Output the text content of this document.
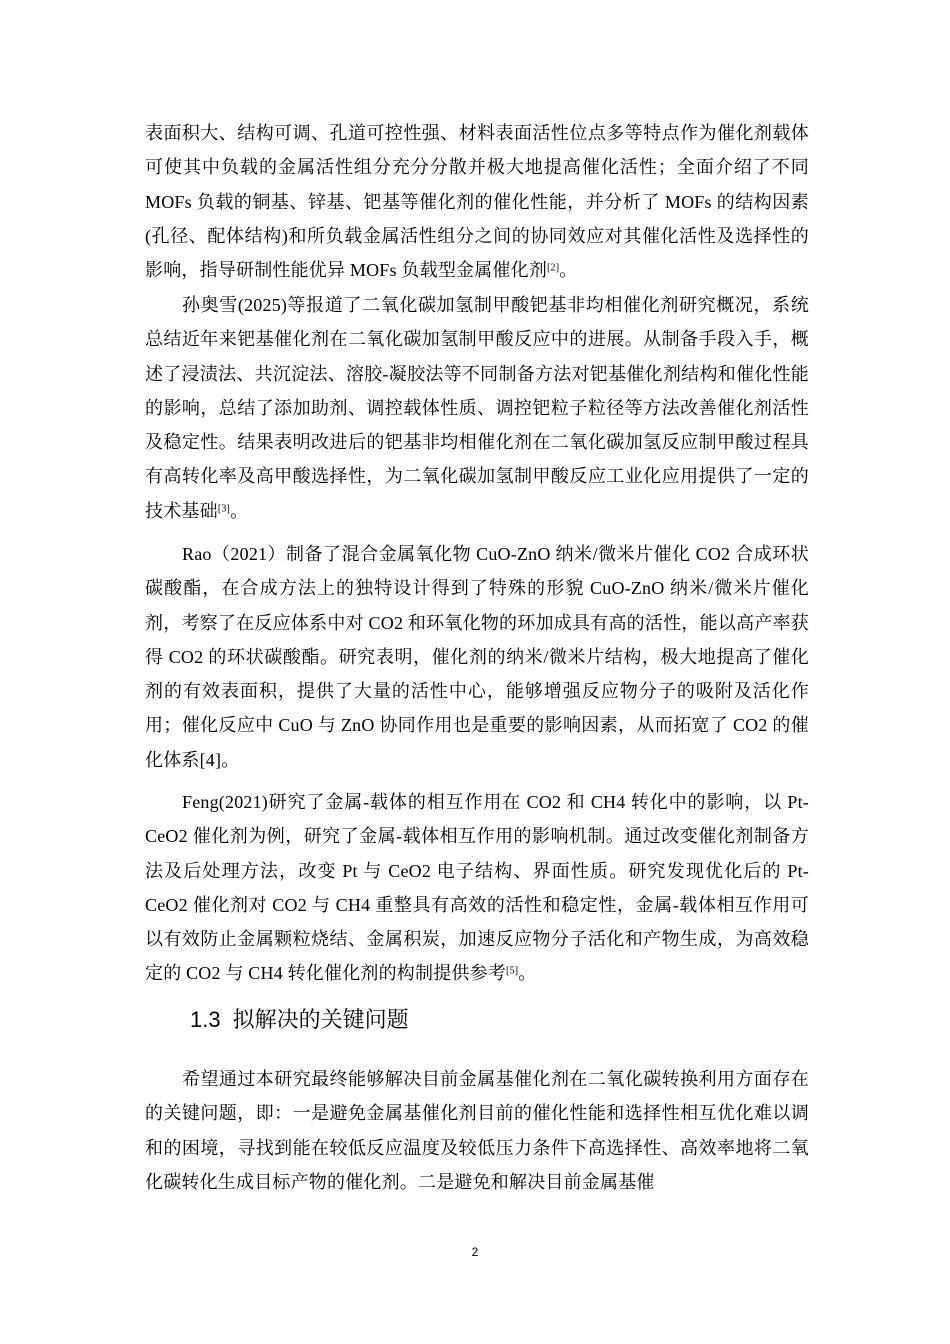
表面积大、结构可调、孔道可控性强、材料表面活性位点多等特点作为催化剂载体可使其中负载的金属活性组分充分分散并极大地提高催化活性；全面介绍了不同 MOFs 负载的铜基、锌基、钯基等催化剂的催化性能，并分析了 MOFs 的结构因素(孔径、配体结构)和所负载金属活性组分之间的协同效应对其催化活性及选择性的影响，指导研制性能优异 MOFs 负载型金属催化剂[2]。

孙奥雪(2025)等报道了二氧化碳加氢制甲酸钯基非均相催化剂研究概况，系统总结近年来钯基催化剂在二氧化碳加氢制甲酸反应中的进展。从制备手段入手，概述了浸渍法、共沉淀法、溶胶-凝胶法等不同制备方法对钯基催化剂结构和催化性能的影响，总结了添加助剂、调控载体性质、调控钯粒子粒径等方法改善催化剂活性及稳定性。结果表明改进后的钯基非均相催化剂在二氧化碳加氢反应制甲酸过程具有高转化率及高甲酸选择性，为二氧化碳加氢制甲酸反应工业化应用提供了一定的技术基础[3]。

Rao（2021）制备了混合金属氧化物 CuO-ZnO 纳米/微米片催化 CO2 合成环状碳酸酯，在合成方法上的独特设计得到了特殊的形貌 CuO-ZnO 纳米/微米片催化剂，考察了在反应体系中对 CO2 和环氧化物的环加成具有高的活性，能以高产率获得 CO2 的环状碳酸酯。研究表明，催化剂的纳米/微米片结构，极大地提高了催化剂的有效表面积，提供了大量的活性中心，能够增强反应物分子的吸附及活化作用；催化反应中 CuO 与 ZnO 协同作用也是重要的影响因素，从而拓宽了 CO2 的催化体系[4]。

Feng(2021)研究了金属-载体的相互作用在 CO2 和 CH4 转化中的影响，以 Pt-CeO2 催化剂为例，研究了金属-载体相互作用的影响机制。通过改变催化剂制备方法及后处理方法，改变 Pt 与 CeO2 电子结构、界面性质。研究发现优化后的 Pt-CeO2 催化剂对 CO2 与 CH4 重整具有高效的活性和稳定性，金属-载体相互作用可以有效防止金属颗粒烧结、金属积炭，加速反应物分子活化和产物生成，为高效稳定的 CO2 与 CH4 转化催化剂的构制提供参考[5]。

1.3 拟解决的关键问题

希望通过本研究最终能够解决目前金属基催化剂在二氧化碳转换利用方面存在的关键问题，即：一是避免金属基催化剂目前的催化性能和选择性相互优化难以调和的困境，寻找到能在较低反应温度及较低压力条件下高选择性、高效率地将二氧化碳转化生成目标产物的催化剂。二是避免和解决目前金属基催

2
